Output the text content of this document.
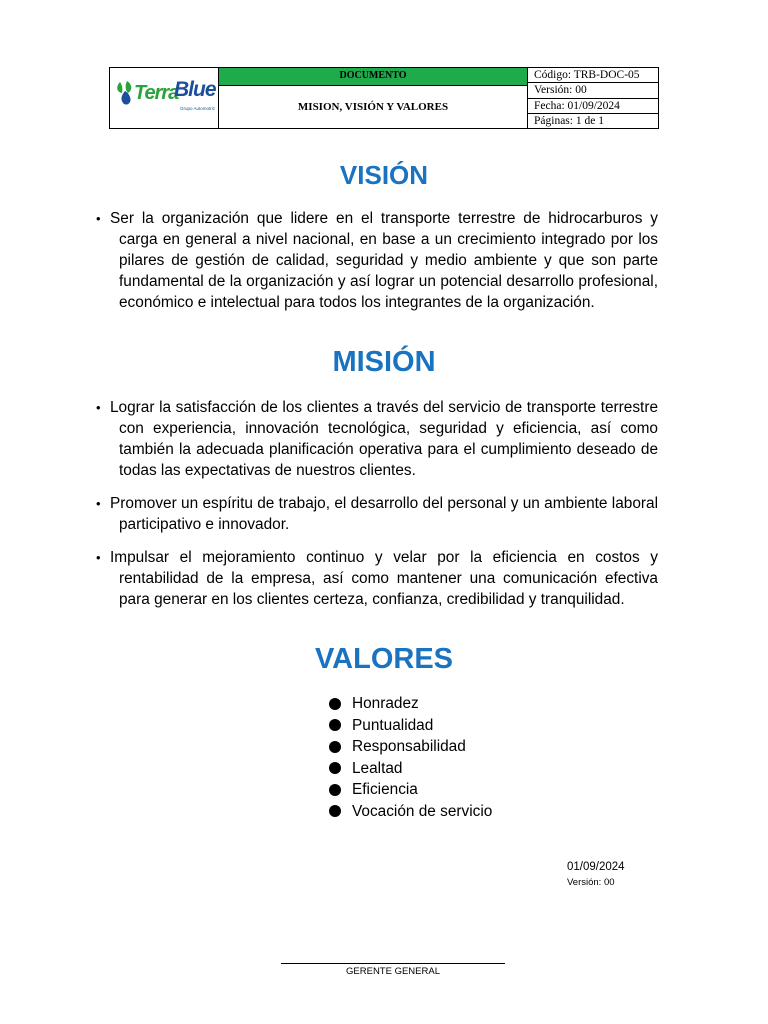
Terra
Blue
Grupo Automotriz
DOCUMENTO
MISION, VISIÓN Y VALORES
Código: TRB-DOC-05
Versión: 00
Fecha: 01/09/2024
Páginas: 1 de 1
VISIÓN
• Ser la organización que lidere en el transporte terrestre de hidrocarburos y carga en general a nivel nacional, en base a un crecimiento integrado por los pilares de gestión de calidad, seguridad y medio ambiente y que son parte fundamental de la organización y así lograr un potencial desarrollo profesional, económico e intelectual para todos los integrantes de la organización.
MISIÓN
• Lograr la satisfacción de los clientes a través del servicio de transporte terrestre con experiencia, innovación tecnológica, seguridad y eficiencia, así como también la adecuada planificación operativa para el cumplimiento deseado de todas las expectativas de nuestros clientes.
• Promover un espíritu de trabajo, el desarrollo del personal y un ambiente laboral participativo e innovador.
• Impulsar el mejoramiento continuo y velar por la eficiencia en costos y rentabilidad de la empresa, así como mantener una comunicación efectiva para generar en los clientes certeza, confianza, credibilidad y tranquilidad.
VALORES
Honradez
Puntualidad
Responsabilidad
Lealtad
Eficiencia
Vocación de servicio
01/09/2024
Versión: 00
GERENTE GENERAL
